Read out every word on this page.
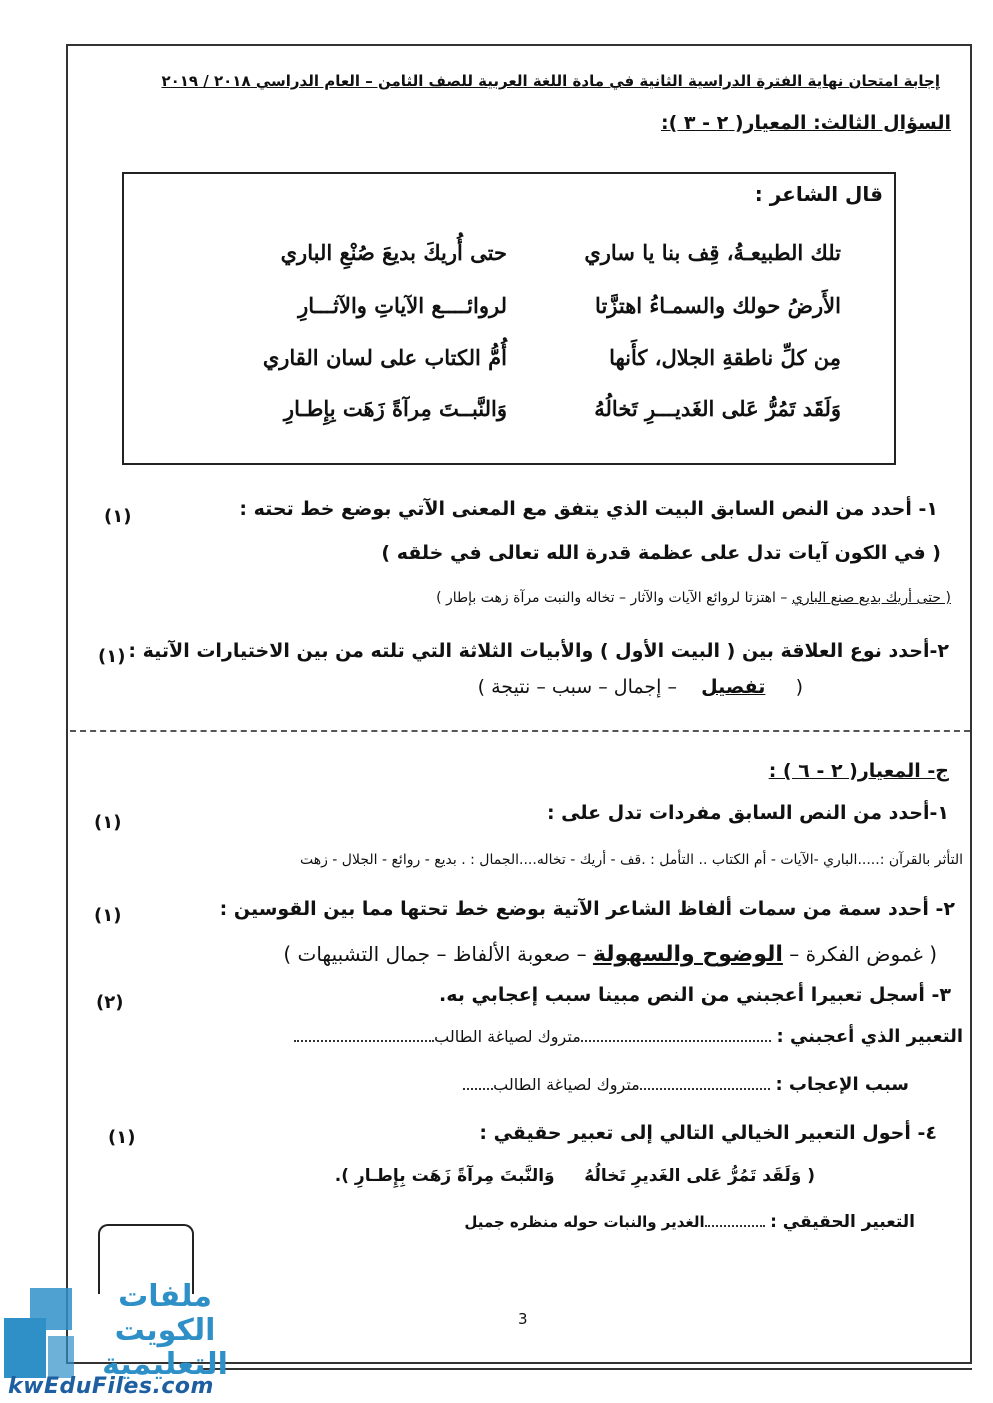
إجابة امتحان نهاية الفترة الدراسية الثانية في مادة اللغة العربية للصف الثامن – العام الدراسي ٢٠١٨ / ٢٠١٩
السؤال الثالث: المعيار( ٢ - ٣ ):
قال الشاعر :
تلك الطبيعـةُ، قِف بنا يا ساري
حتى أُريكَ بديعَ صُنْعِ الباري
الأَرضُ حولك والسمـاءُ اهتزَّتا
لروائــــع الآياتِ والآثـــارِ
مِن كلِّ ناطقةِ الجلال، كأَنها
أُمُّ الكتاب على لسان القاري
وَلَقَد تَمُرُّ عَلى الغَديـــرِ تَخالُهُ
وَالنَّبــتَ مِرآةً زَهَت بِإِطـارِ
١- أحدد من النص السابق البيت الذي يتفق مع المعنى الآتي بوضع خط تحته :
(١)
( في الكون آيات تدل على عظمة قدرة الله تعالى في خلقه )
( حتى أريك بديع صنع الباري – اهتزتا لروائع الآيات والآثار – تخاله والنبت مرآة زهت بإطار )
٢-أحدد نوع العلاقة بين ( البيت الأول ) والأبيات الثلاثة التي تلته من بين الاختيارات الآتية :
(١)
(     تفصيل    – إجمال – سبب – نتيجة )
ج- المعيار( ٢ - ٦ ) :
١-أحدد من النص السابق مفردات تدل على :
(١)
التأثر بالقرآن :.....الباري -الآيات - أم الكتاب .. التأمل : .قف - أريك - تخاله....الجمال : . بديع - روائع - الجلال - زهت
٢- أحدد سمة من سمات ألفاظ الشاعر الآتية بوضع خط تحتها مما بين القوسين :
(١)
( غموض الفكرة – الوضوح والسهولة – صعوبة الألفاظ – جمال التشبيهات )
٣- أسجل تعبيرا أعجبني من النص مبينا سبب إعجابي به.
(٢)
التعبير الذي أعجبني : متروك لصياغة الطالب
سبب الإعجاب : متروك لصياغة الطالب
٤- أحول التعبير الخيالي التالي إلى تعبير حقيقي :
(١)
( وَلَقَد تَمُرُّ عَلى الغَديرِ تَخالُهُ     وَالنَّبتَ مِرآةً زَهَت بِإِطـارِ ).
التعبير الحقيقي : الغدير والنبات حوله منظره جميل
3
ملفات الكويت
التعليمية
kwEduFiles.com
